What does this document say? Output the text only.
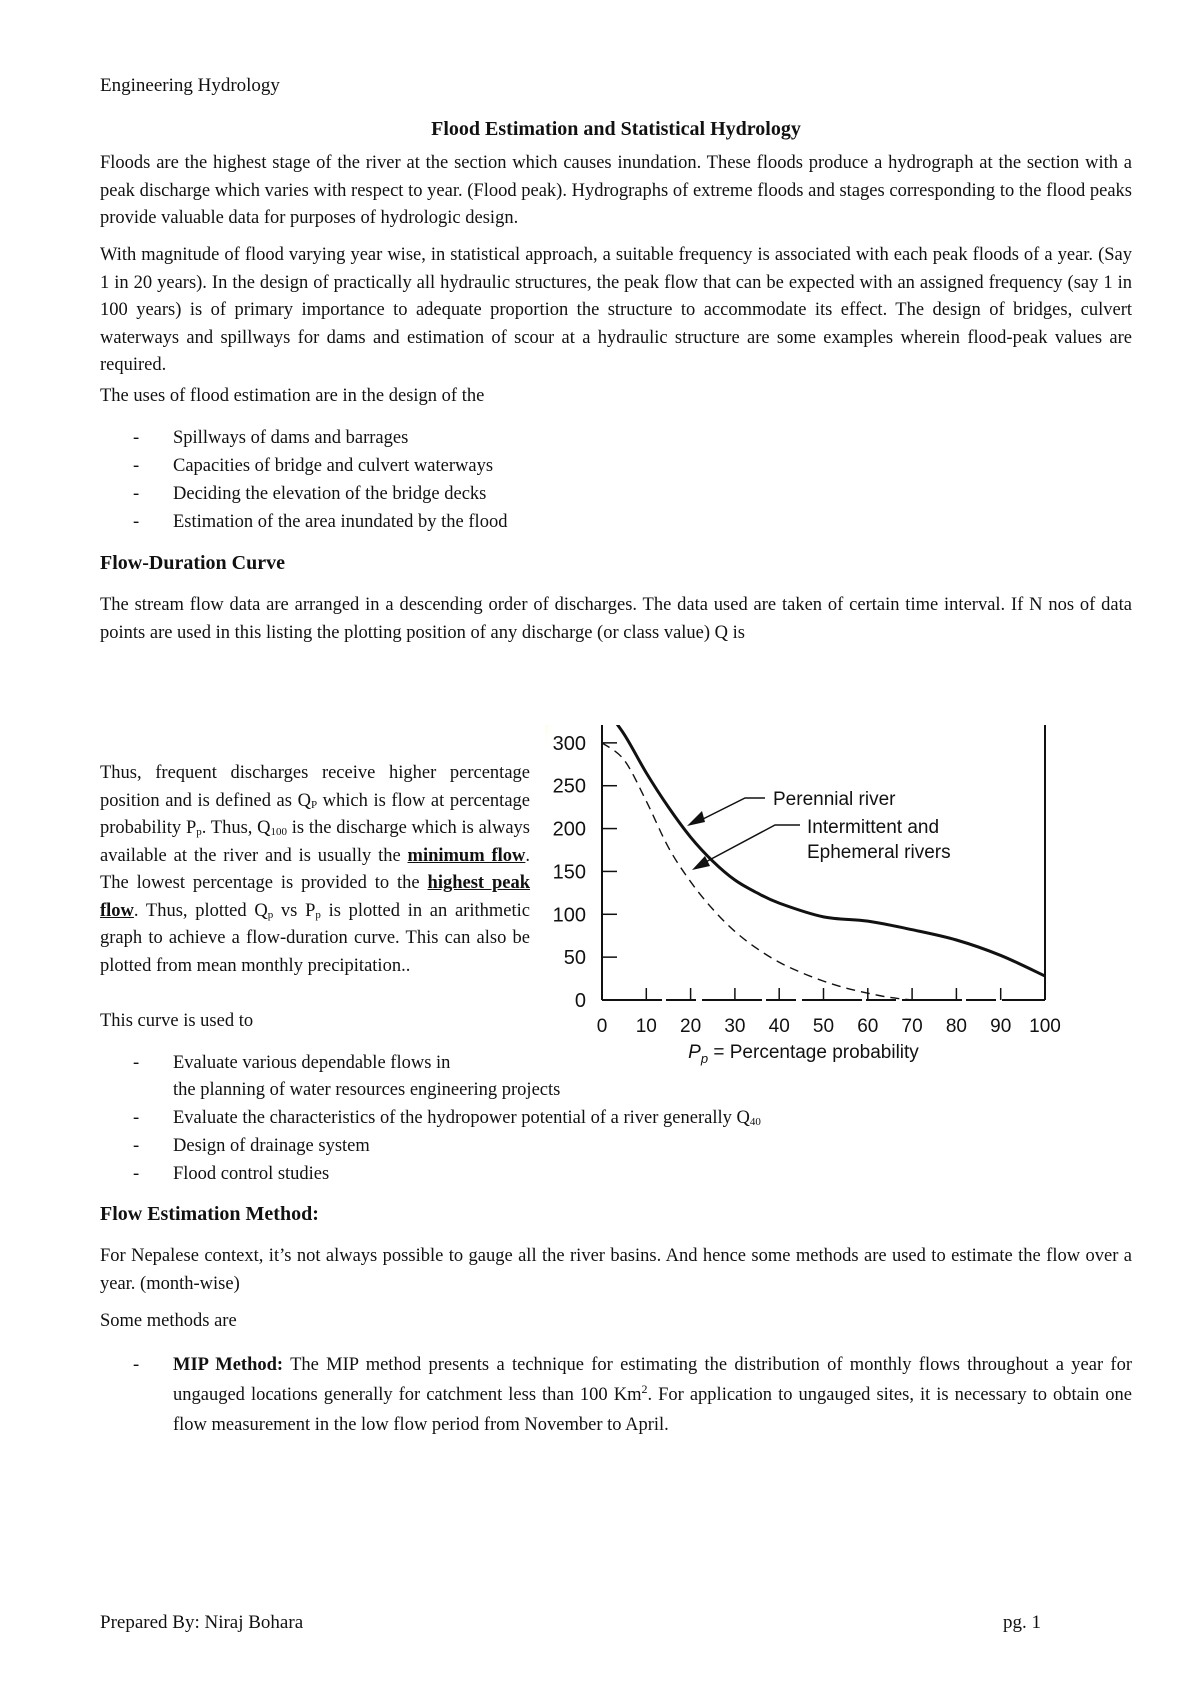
Engineering Hydrology
Flood Estimation and Statistical Hydrology
Floods are the highest stage of the river at the section which causes inundation. These floods produce a hydrograph at the section with a peak discharge which varies with respect to year. (Flood peak). Hydrographs of extreme floods and stages corresponding to the flood peaks provide valuable data for purposes of hydrologic design.
With magnitude of flood varying year wise, in statistical approach, a suitable frequency is associated with each peak floods of a year. (Say 1 in 20 years). In the design of practically all hydraulic structures, the peak flow that can be expected with an assigned frequency (say 1 in 100 years) is of primary importance to adequate proportion the structure to accommodate its effect. The design of bridges, culvert waterways and spillways for dams and estimation of scour at a hydraulic structure are some examples wherein flood-peak values are required.
The uses of flood estimation are in the design of the
- Spillways of dams and barrages
- Capacities of bridge and culvert waterways
- Deciding the elevation of the bridge decks
- Estimation of the area inundated by the flood
Flow-Duration Curve
The stream flow data are arranged in a descending order of discharges. The data used are taken of certain time interval. If N nos of data points are used in this listing the plotting position of any discharge (or class value) Q is
Thus, frequent discharges receive higher percentage position and is defined as $Q_P$ which is flow at percentage probability $P_p$. Thus, $Q_{100}$ is the discharge which is always available at the river and is usually the minimum flow. The lowest percentage is provided to the highest peak flow. Thus, plotted $Q_p$ vs $P_p$ is plotted in an arithmetic graph to achieve a flow-duration curve. This can also be plotted from mean monthly precipitation..
0
50
100
150
200
250
300
0 10 20 30 40 50 60 70 80 90 100
$P_p$ = Percentage probability
Perennial river
Intermittent and
Ephemeral rivers
This curve is used to
- Evaluate various dependable flows in
the planning of water resources engineering projects
- Evaluate the characteristics of the hydropower potential of a river generally $Q_{40}$
- Design of drainage system
- Flood control studies
Flow Estimation Method:
For Nepalese context, it’s not always possible to gauge all the river basins. And hence some methods are used to estimate the flow over a year. (month-wise)
Some methods are
- MIP Method: The MIP method presents a technique for estimating the distribution of monthly flows throughout a year for ungauged locations generally for catchment less than 100 Km$^2$. For application to ungauged sites, it is necessary to obtain one flow measurement in the low flow period from November to April.
Prepared By: Niraj Bohara	pg. 1
